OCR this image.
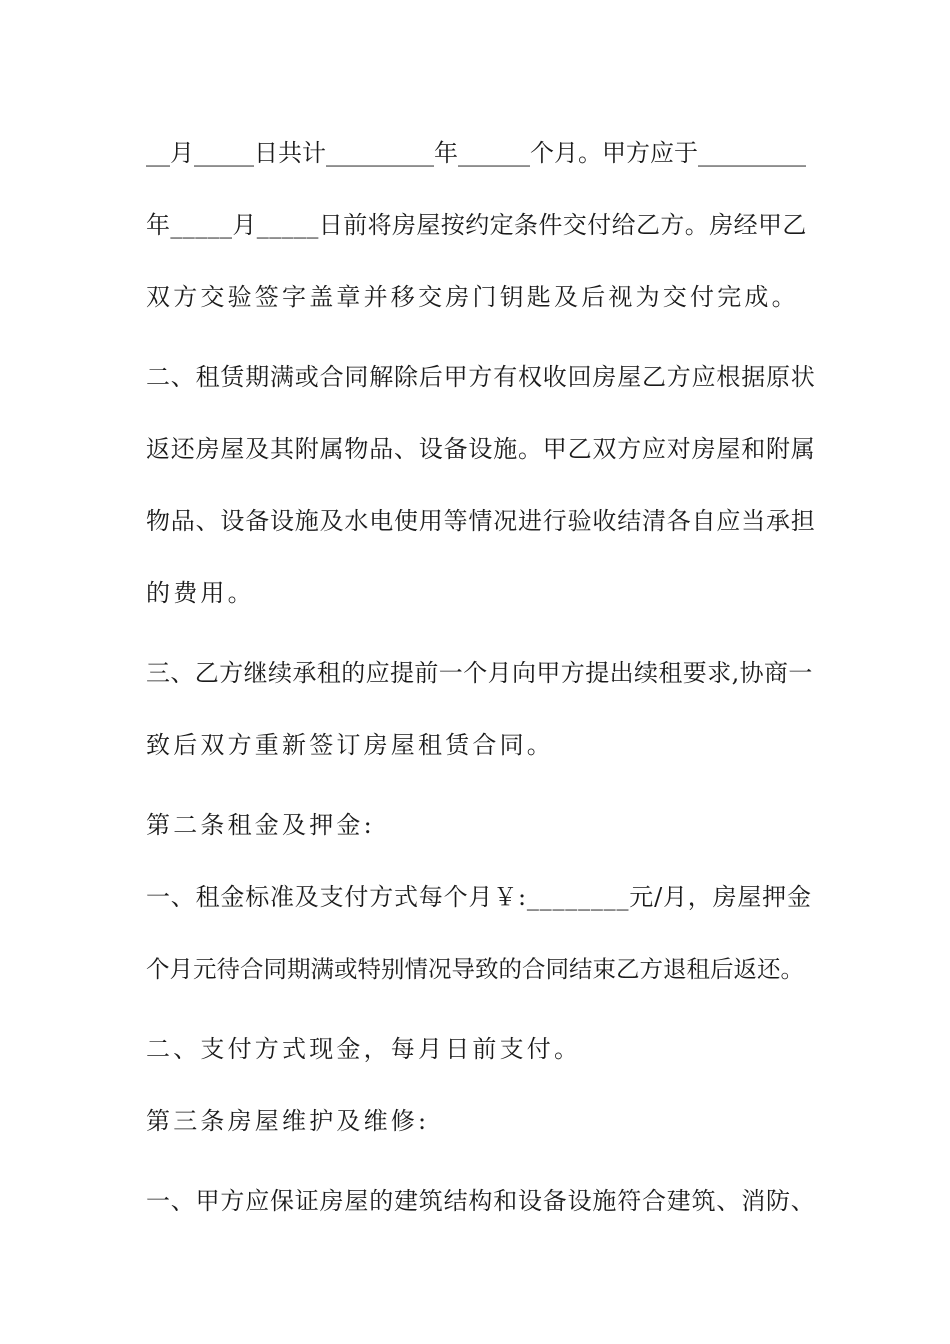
__月_____日共计_________年______个月。甲方应于_________

年_____月_____日前将房屋按约定条件交付给乙方。房经甲乙

双方交验签字盖章并移交房门钥匙及后视为交付完成。

二、租赁期满或合同解除后甲方有权收回房屋乙方应根据原状

返还房屋及其附属物品、设备设施。甲乙双方应对房屋和附属

物品、设备设施及水电使用等情况进行验收结清各自应当承担

的费用。

三、乙方继续承租的应提前一个月向甲方提出续租要求,协商一

致后双方重新签订房屋租赁合同。

第二条租金及押金:

一、租金标准及支付方式每个月￥:________元/月，房屋押金

个月元待合同期满或特别情况导致的合同结束乙方退租后返还。

二、支付方式现金，每月日前支付。

第三条房屋维护及维修:

一、甲方应保证房屋的建筑结构和设备设施符合建筑、消防、
